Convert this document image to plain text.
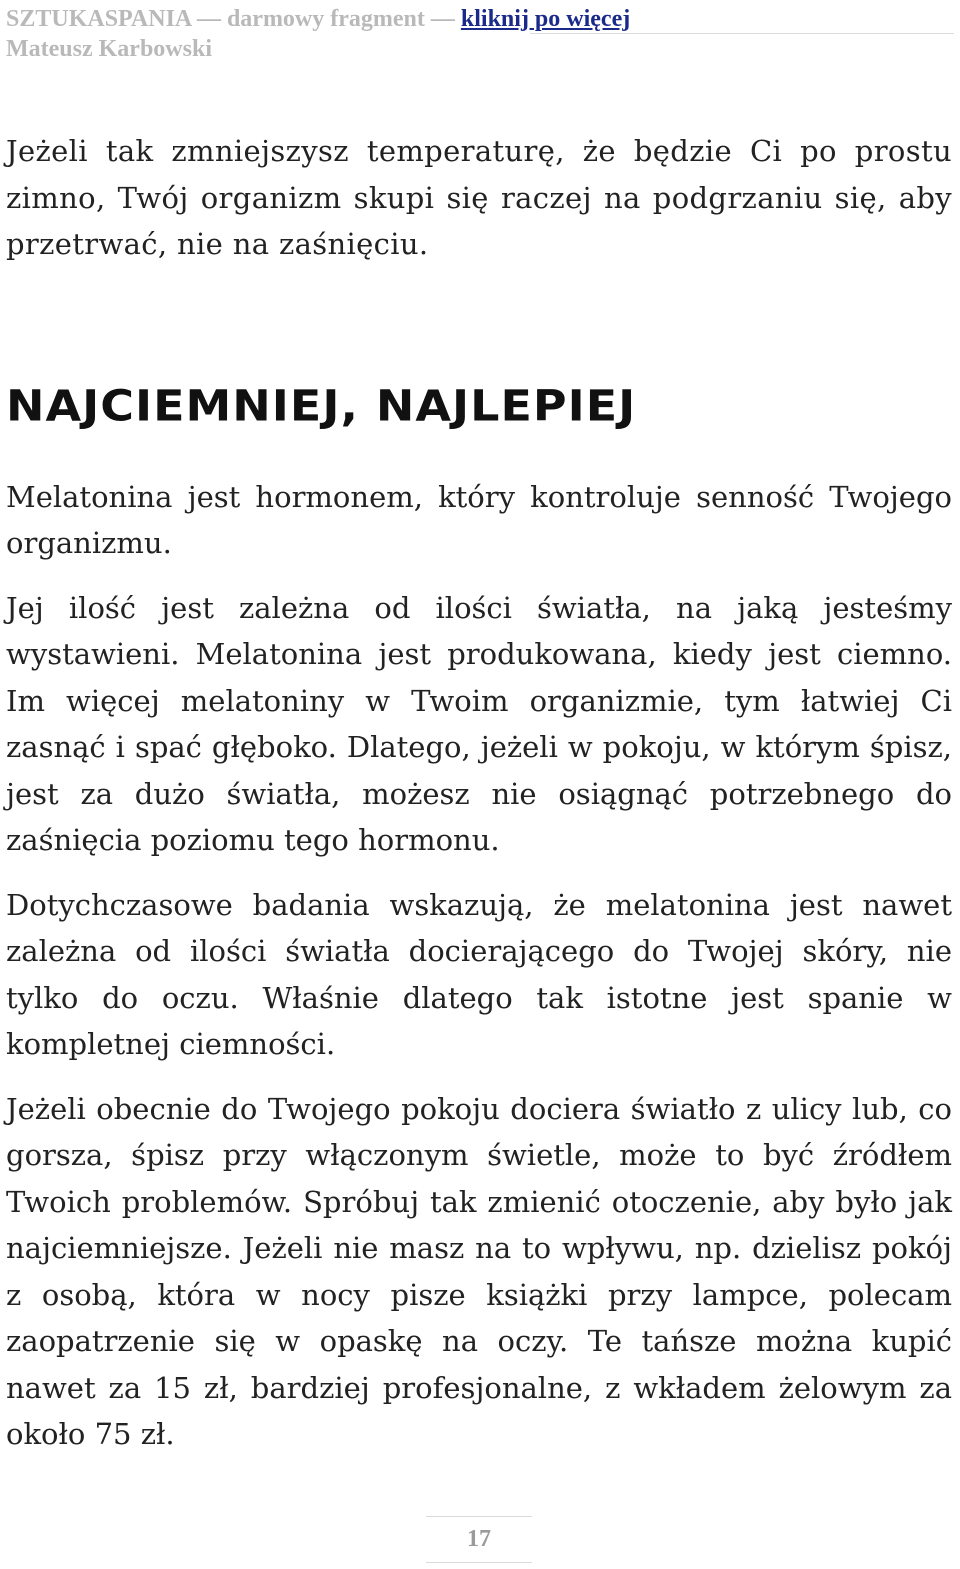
SZTUKASPANIA — darmowy fragment — kliknij po więcej
Mateusz Karbowski

Jeżeli tak zmniejszysz temperaturę, że będzie Ci po prostu zimno, Twój organizm skupi się raczej na podgrzaniu się, aby przetrwać, nie na zaśnięciu.

NAJCIEMNIEJ, NAJLEPIEJ

Melatonina jest hormonem, który kontroluje senność Twojego organizmu.

Jej ilość jest zależna od ilości światła, na jaką jesteśmy wystawieni. Melatonina jest produkowana, kiedy jest ciemno. Im więcej melatoniny w Twoim organizmie, tym łatwiej Ci zasnąć i spać głęboko. Dlatego, jeżeli w pokoju, w którym śpisz, jest za dużo światła, możesz nie osiągnąć potrzebnego do zaśnięcia poziomu tego hormonu.

Dotychczasowe badania wskazują, że melatonina jest nawet zależna od ilości światła docierającego do Twojej skóry, nie tylko do oczu. Właśnie dlatego tak istotne jest spanie w kompletnej ciemności.

Jeżeli obecnie do Twojego pokoju dociera światło z ulicy lub, co gorsza, śpisz przy włączonym świetle, może to być źródłem Twoich problemów. Spróbuj tak zmienić otoczenie, aby było jak najciemniejsze. Jeżeli nie masz na to wpływu, np. dzielisz pokój z osobą, która w nocy pisze książki przy lampce, polecam zaopatrzenie się w opaskę na oczy. Te tańsze można kupić nawet za 15 zł, bardziej profesjonalne, z wkładem żelowym za około 75 zł.

17
